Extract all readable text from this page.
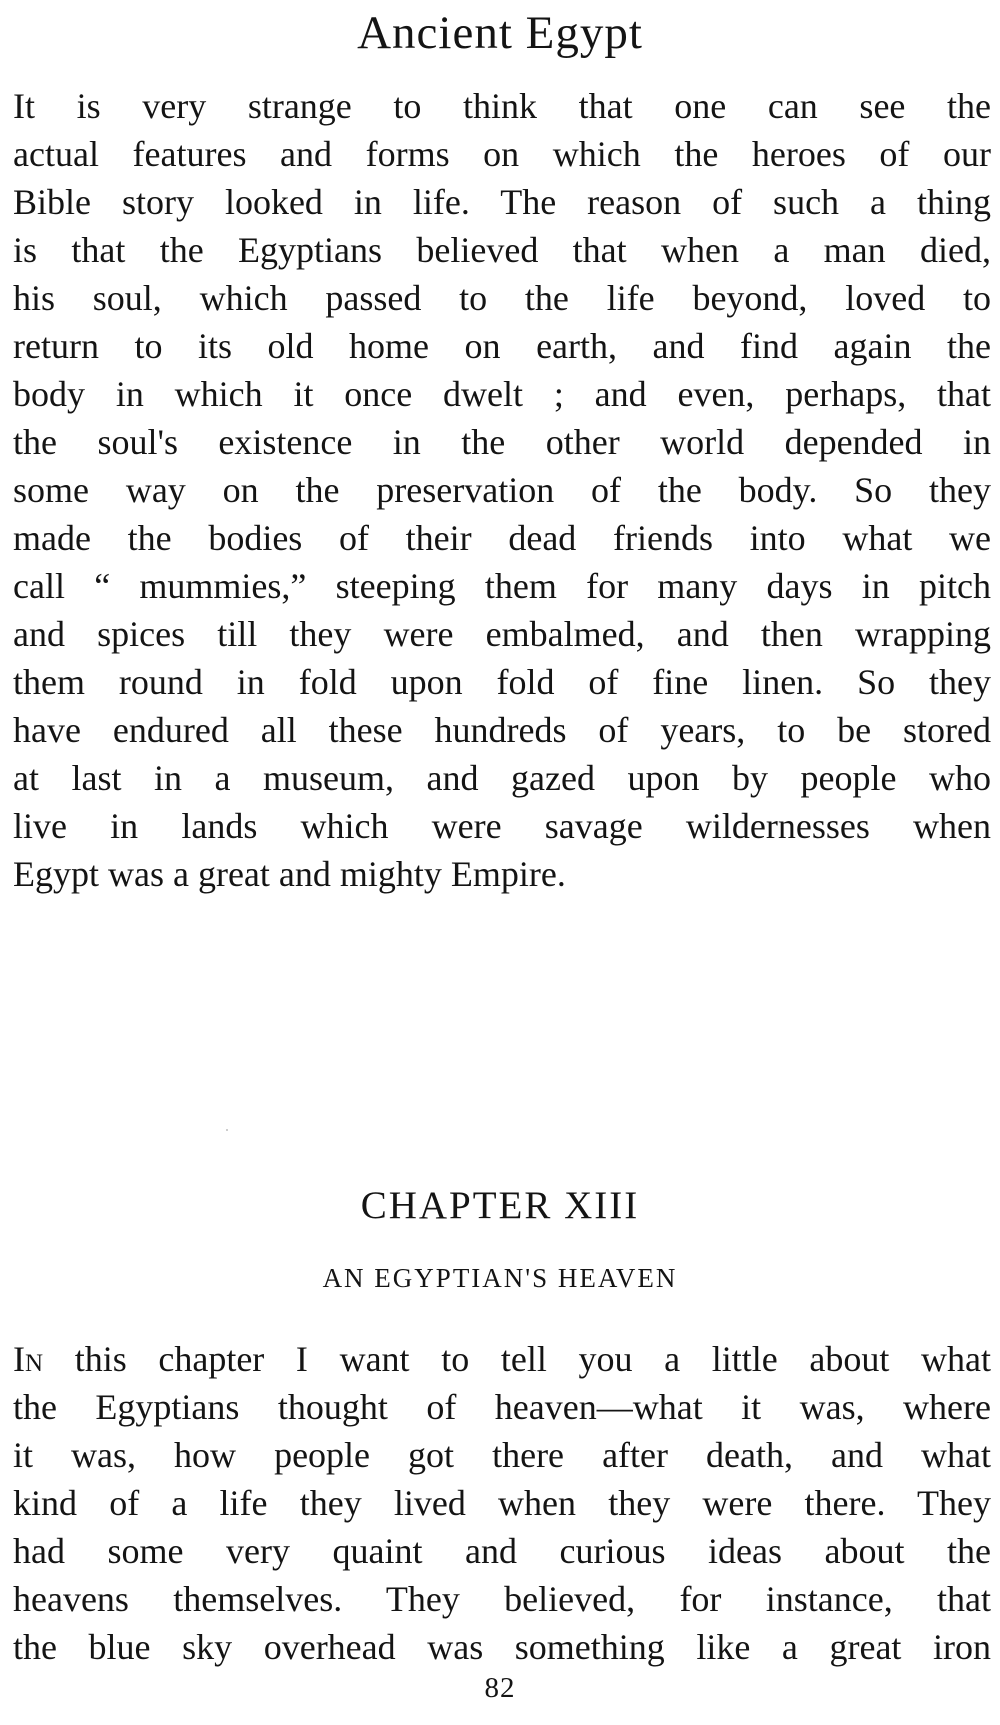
Ancient Egypt
It is very strange to think that one can see the
actual features and forms on which the heroes of our
Bible story looked in life. The reason of such a thing
is that the Egyptians believed that when a man died,
his soul, which passed to the life beyond, loved to
return to its old home on earth, and find again the
body in which it once dwelt ; and even, perhaps, that
the soul's existence in the other world depended in
some way on the preservation of the body. So they
made the bodies of their dead friends into what we
call “ mummies,” steeping them for many days in pitch
and spices till they were embalmed, and then wrapping
them round in fold upon fold of fine linen. So they
have endured all these hundreds of years, to be stored
at last in a museum, and gazed upon by people who
live in lands which were savage wildernesses when
Egypt was a great and mighty Empire.
CHAPTER XIII
AN EGYPTIAN'S HEAVEN
In this chapter I want to tell you a little about what
the Egyptians thought of heaven—what it was, where
it was, how people got there after death, and what
kind of a life they lived when they were there. They
had some very quaint and curious ideas about the
heavens themselves. They believed, for instance, that
the blue sky overhead was something like a great iron
82
